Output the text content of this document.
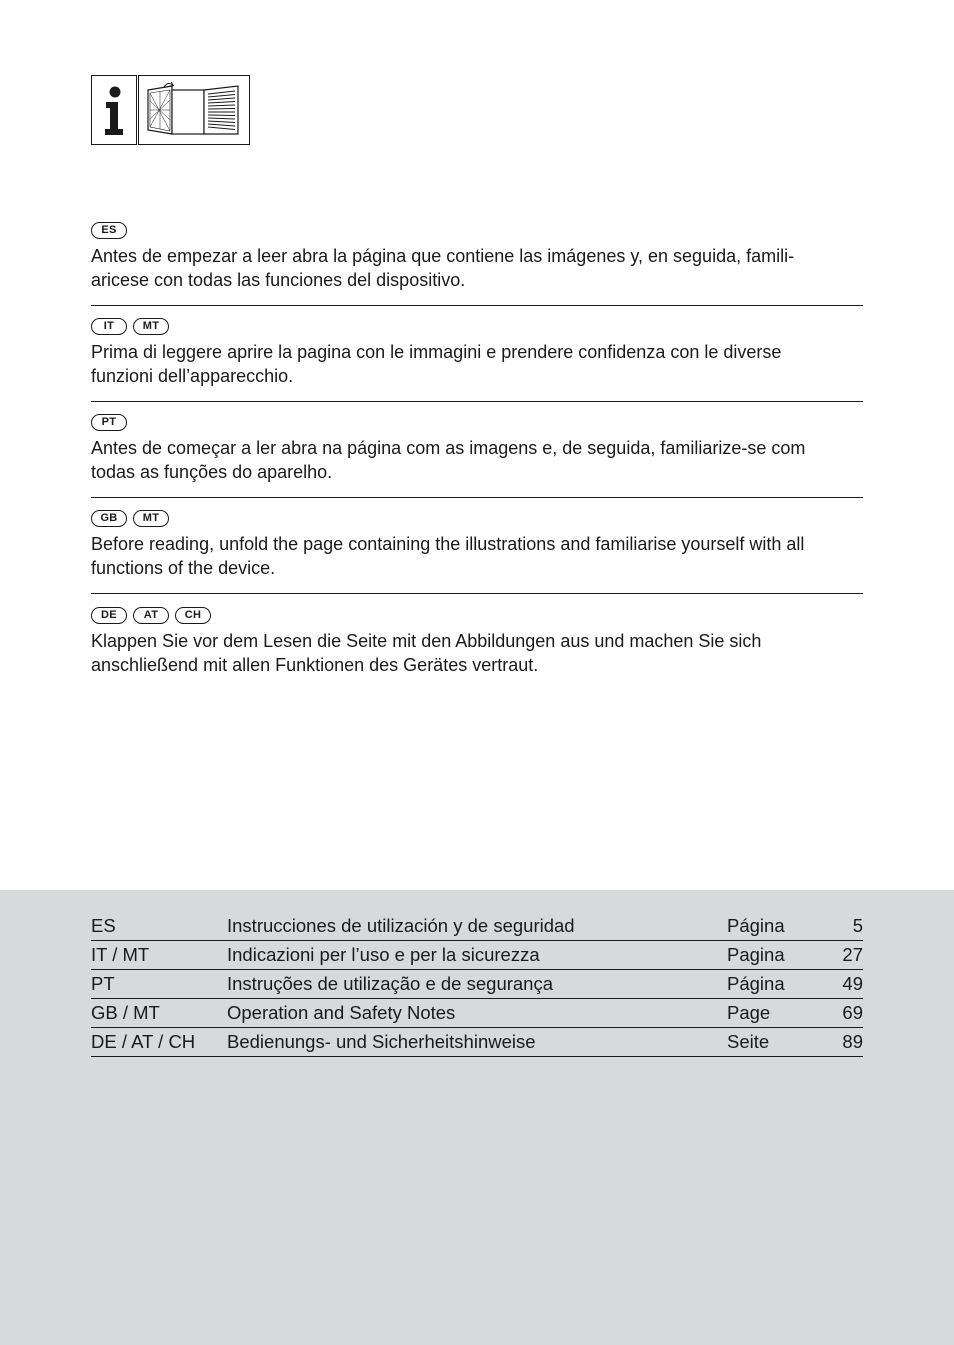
ES

Antes de empezar a leer abra la página que contiene las imágenes y, en seguida, famili-
aricese con todas las funciones del dispositivo.

IT	MT

Prima di leggere aprire la pagina con le immagini e prendere confidenza con le diverse
funzioni dell’apparecchio.

PT

Antes de começar a ler abra na página com as imagens e, de seguida, familiarize-se com
todas as funções do aparelho.

GB	MT

Before reading, unfold the page containing the illustrations and familiarise yourself with all
functions of the device.

DE	AT	CH

Klappen Sie vor dem Lesen die Seite mit den Abbildungen aus und machen Sie sich
anschließend mit allen Funktionen des Gerätes vertraut.

ES	Instrucciones de utilización y de seguridad	Página	5
IT / MT	Indicazioni per l’uso e per la sicurezza	Pagina	27
PT	Instruções de utilização e de segurança	Página	49
GB / MT	Operation and Safety Notes	Page	69
DE / AT / CH Bedienungs- und Sicherheitshinweise	Seite	89
